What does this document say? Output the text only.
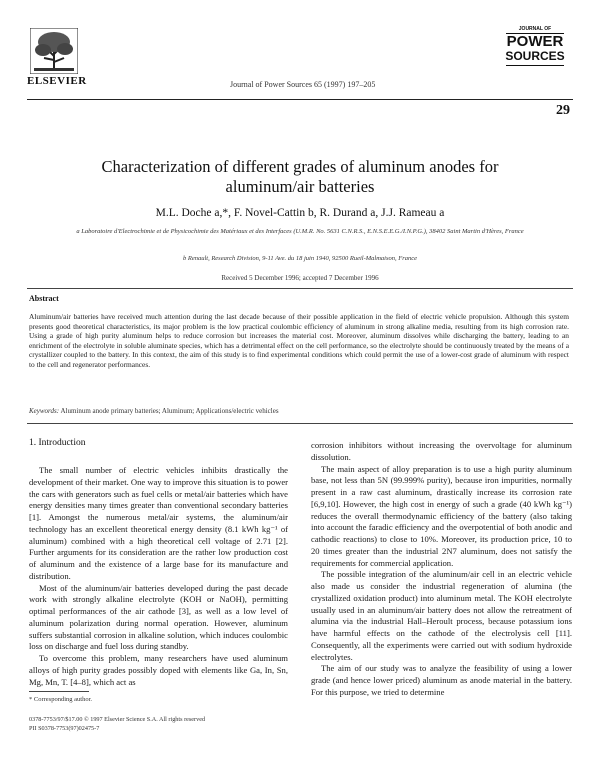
ELSEVIER	Journal of Power Sources 65 (1997) 197–205
JOURNAL OF
POWER
SOURCES
29
Characterization of different grades of aluminum anodes for aluminum/air batteries
M.L. Doche a,*, F. Novel-Cattin b, R. Durand a, J.J. Rameau a
a Laboratoire d'Electrochimie et de Physicochimie des Matériaux et des Interfaces (U.M.R. No. 5631 C.N.R.S., E.N.S.E.E.G./I.N.P.G.), 38402 Saint Martin d'Hères, France
b Renault, Research Division, 9-11 Ave. du 18 juin 1940, 92500 Rueil-Malmaison, France
Received 5 December 1996; accepted 7 December 1996
Abstract
Aluminum/air batteries have received much attention during the last decade because of their possible application in the field of electric vehicle propulsion. Although this system presents good theoretical characteristics, its major problem is the low practical coulombic efficiency of aluminum in strong alkaline media, resulting from its high corrosion rate. Using a grade of high purity aluminum helps to reduce corrosion but increases the material cost. Moreover, aluminum dissolves while discharging the battery, leading to an enrichment of the electrolyte in soluble aluminate species, which has a detrimental effect on the cell performance, so the electrolyte should be continuously treated by the means of a crystallizer coupled to the battery. In this context, the aim of this study is to find experimental conditions which could permit the use of a lower-cost grade of aluminum with respect to the cell and regenerator performances.
Keywords: Aluminum anode primary batteries; Aluminum; Applications/electric vehicles
1. Introduction

The small number of electric vehicles inhibits drastically the development of their market. One way to improve this situation is to power the cars with generators such as fuel cells or metal/air batteries which have energy densities many times greater than conventional secondary batteries [1]. Amongst the numerous metal/air systems, the aluminum/air technology has an excellent theoretical energy density (8.1 kWh kg⁻¹ of aluminum) combined with a high theoretical cell voltage of 2.71 [2]. Further arguments for its consideration are the rather low production cost of aluminum and the existence of a large base for its manufacture and distribution.

Most of the aluminum/air batteries developed during the past decade work with strongly alkaline electrolyte (KOH or NaOH), permitting optimal performances of the air cathode [3], as well as a low level of aluminum polarization during normal operation. However, aluminum suffers substantial corrosion in alkaline solution, which induces coulombic loss on discharge and fuel loss during standby.

To overcome this problem, many researchers have used aluminum alloys of high purity grades possibly doped with elements like Ga, In, Sn, Mg, Mn, T. [4–8], which act as

corrosion inhibitors without increasing the overvoltage for aluminum dissolution.

The main aspect of alloy preparation is to use a high purity aluminum base, not less than 5N (99.999% purity), because iron impurities, normally present in a raw cast aluminum, drastically increase its corrosion rate [6,9,10]. However, the high cost in energy of such a grade (40 kWh kg⁻¹) reduces the overall thermodynamic efficiency of the battery (also taking into account the faradic efficiency and the overpotential of both anodic and cathodic reactions) to close to 10%. Moreover, its production price, 10 to 20 times greater than the industrial 2N7 aluminum, does not satisfy the requirements for commercial application.

The possible integration of the aluminum/air cell in an electric vehicle also made us consider the industrial regeneration of alumina (the crystallized oxidation product) into aluminum metal. The KOH electrolyte usually used in an aluminum/air battery does not allow the retreatment of alumina via the industrial Hall–Heroult process, because potassium ions have harmful effects on the cathode of the electrolysis cell [11]. Consequently, all the experiments were carried out with sodium hydroxide electrolytes.

The aim of our study was to analyze the feasibility of using a lower grade (and hence lower priced) aluminum as anode material in the battery. For this purpose, we tried to determine

* Corresponding author.
0378-7753/97/$17.00 © 1997 Elsevier Science S.A. All rights reserved
PII S0378-7753(97)02475-7
